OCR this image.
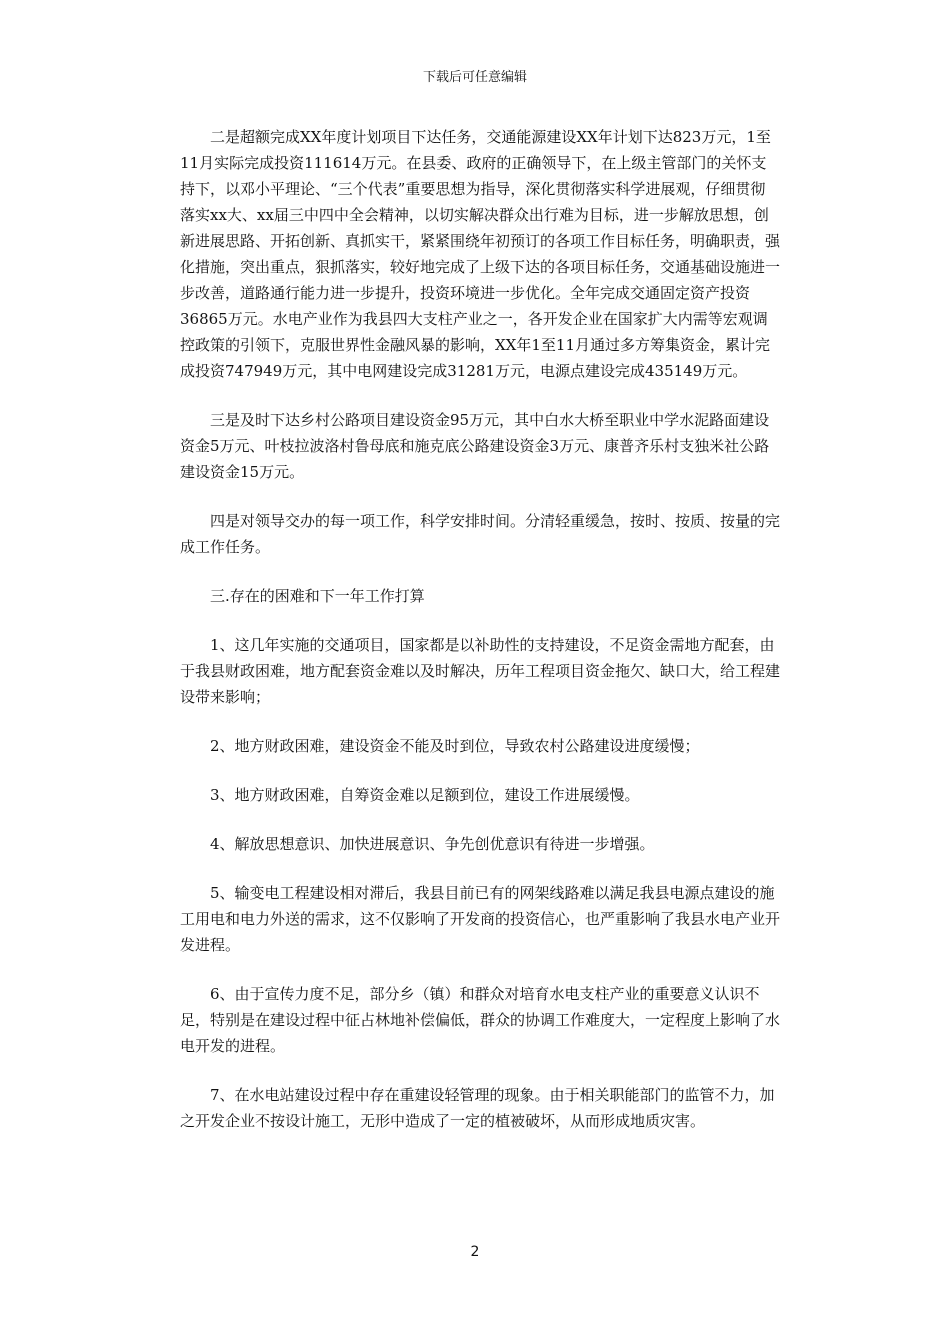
下载后可任意编辑

二是超额完成XX年度计划项目下达任务，交通能源建设XX年计划下达823万元，1至11月实际完成投资111614万元。在县委、政府的正确领导下，在上级主管部门的关怀支持下，以邓小平理论、“三个代表”重要思想为指导，深化贯彻落实科学进展观，仔细贯彻落实xx大、xx届三中四中全会精神，以切实解决群众出行难为目标，进一步解放思想，创新进展思路、开拓创新、真抓实干，紧紧围绕年初预订的各项工作目标任务，明确职责，强化措施，突出重点，狠抓落实，较好地完成了上级下达的各项目标任务，交通基础设施进一步改善，道路通行能力进一步提升，投资环境进一步优化。全年完成交通固定资产投资36865万元。水电产业作为我县四大支柱产业之一，各开发企业在国家扩大内需等宏观调控政策的引领下，克服世界性金融风暴的影响，XX年1至11月通过多方筹集资金，累计完成投资747949万元，其中电网建设完成31281万元，电源点建设完成435149万元。

三是及时下达乡村公路项目建设资金95万元，其中白水大桥至职业中学水泥路面建设资金5万元、叶枝拉波洛村鲁母底和施克底公路建设资金3万元、康普齐乐村支独米社公路建设资金15万元。

四是对领导交办的每一项工作，科学安排时间。分清轻重缓急，按时、按质、按量的完成工作任务。

三.存在的困难和下一年工作打算

1、这几年实施的交通项目，国家都是以补助性的支持建设，不足资金需地方配套，由于我县财政困难，地方配套资金难以及时解决，历年工程项目资金拖欠、缺口大，给工程建设带来影响；

2、地方财政困难，建设资金不能及时到位，导致农村公路建设进度缓慢；

3、地方财政困难，自筹资金难以足额到位，建设工作进展缓慢。

4、解放思想意识、加快进展意识、争先创优意识有待进一步增强。

5、输变电工程建设相对滞后，我县目前已有的网架线路难以满足我县电源点建设的施工用电和电力外送的需求，这不仅影响了开发商的投资信心，也严重影响了我县水电产业开发进程。

6、由于宣传力度不足，部分乡（镇）和群众对培育水电支柱产业的重要意义认识不足，特别是在建设过程中征占林地补偿偏低，群众的协调工作难度大，一定程度上影响了水电开发的进程。

7、在水电站建设过程中存在重建设轻管理的现象。由于相关职能部门的监管不力，加之开发企业不按设计施工，无形中造成了一定的植被破坏，从而形成地质灾害。

2
